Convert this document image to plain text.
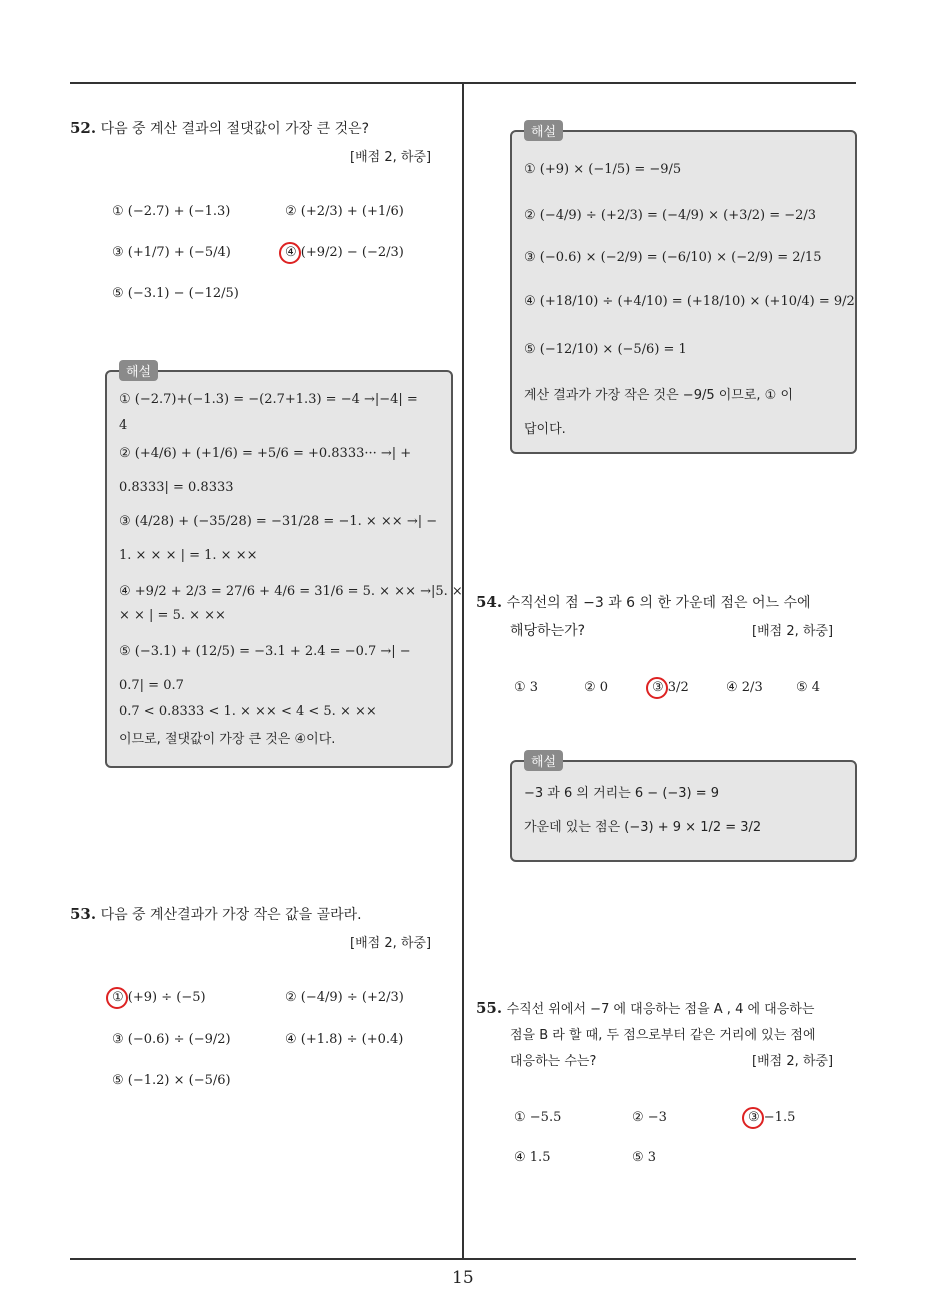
15
52. 다음 중 계산 결과의 절댓값이 가장 큰 것은?
[배점 2, 하중]
① (−2.7) + (−1.3)	② (+2/3) + (+1/6)
③ (+1/7) + (−5/4)	④ (+9/2) − (−2/3)
⑤ (−3.1) − (−12/5)
해설
① (−2.7)+(−1.3) = −(2.7+1.3) = −4 →|−4| =
4
② (+4/6) + (+1/6) = +5/6 = +0.8333··· →| +
0.8333| = 0.8333
③ (4/28) + (−35/28) = −31/28 = −1. × ×× →| −
1. × × × | = 1. × ××
④ +9/2 + 2/3 = 27/6 + 4/6 = 31/6 = 5. × ×× →|5. ×
× × | = 5. × ××
⑤ (−3.1) + (12/5) = −3.1 + 2.4 = −0.7 →| −
0.7| = 0.7
0.7 < 0.8333 < 1. × ×× < 4 < 5. × ××
이므로, 절댓값이 가장 큰 것은 ④이다.
53. 다음 중 계산결과가 가장 작은 값을 골라라.
[배점 2, 하중]
① (+9) ÷ (−5)	② (−4/9) ÷ (+2/3)
③ (−0.6) ÷ (−9/2)	④ (+1.8) ÷ (+0.4)
⑤ (−1.2) × (−5/6)
해설
① (+9) × (−1/5) = −9/5
② (−4/9) ÷ (+2/3) = (−4/9) × (+3/2) = −2/3
③ (−0.6) × (−2/9) = (−6/10) × (−2/9) = 2/15
④ (+18/10) ÷ (+4/10) = (+18/10) × (+10/4) = 9/2
⑤ (−12/10) × (−5/6) = 1
계산 결과가 가장 작은 것은 −9/5 이므로, ① 이
답이다.
54. 수직선의 점 −3 과 6 의 한 가운데 점은 어느 수에
해당하는가?	[배점 2, 하중]
① 3	② 0	③ 3/2	④ 2/3	⑤ 4
해설
−3 과 6 의 거리는 6 − (−3) = 9
가운데 있는 점은 (−3) + 9 × 1/2 = 3/2
55. 수직선 위에서 −7 에 대응하는 점을 A , 4 에 대응하는
점을 B 라 할 때, 두 점으로부터 같은 거리에 있는 점에
대응하는 수는?	[배점 2, 하중]
① −5.5	② −3	③ −1.5
④ 1.5	⑤ 3
